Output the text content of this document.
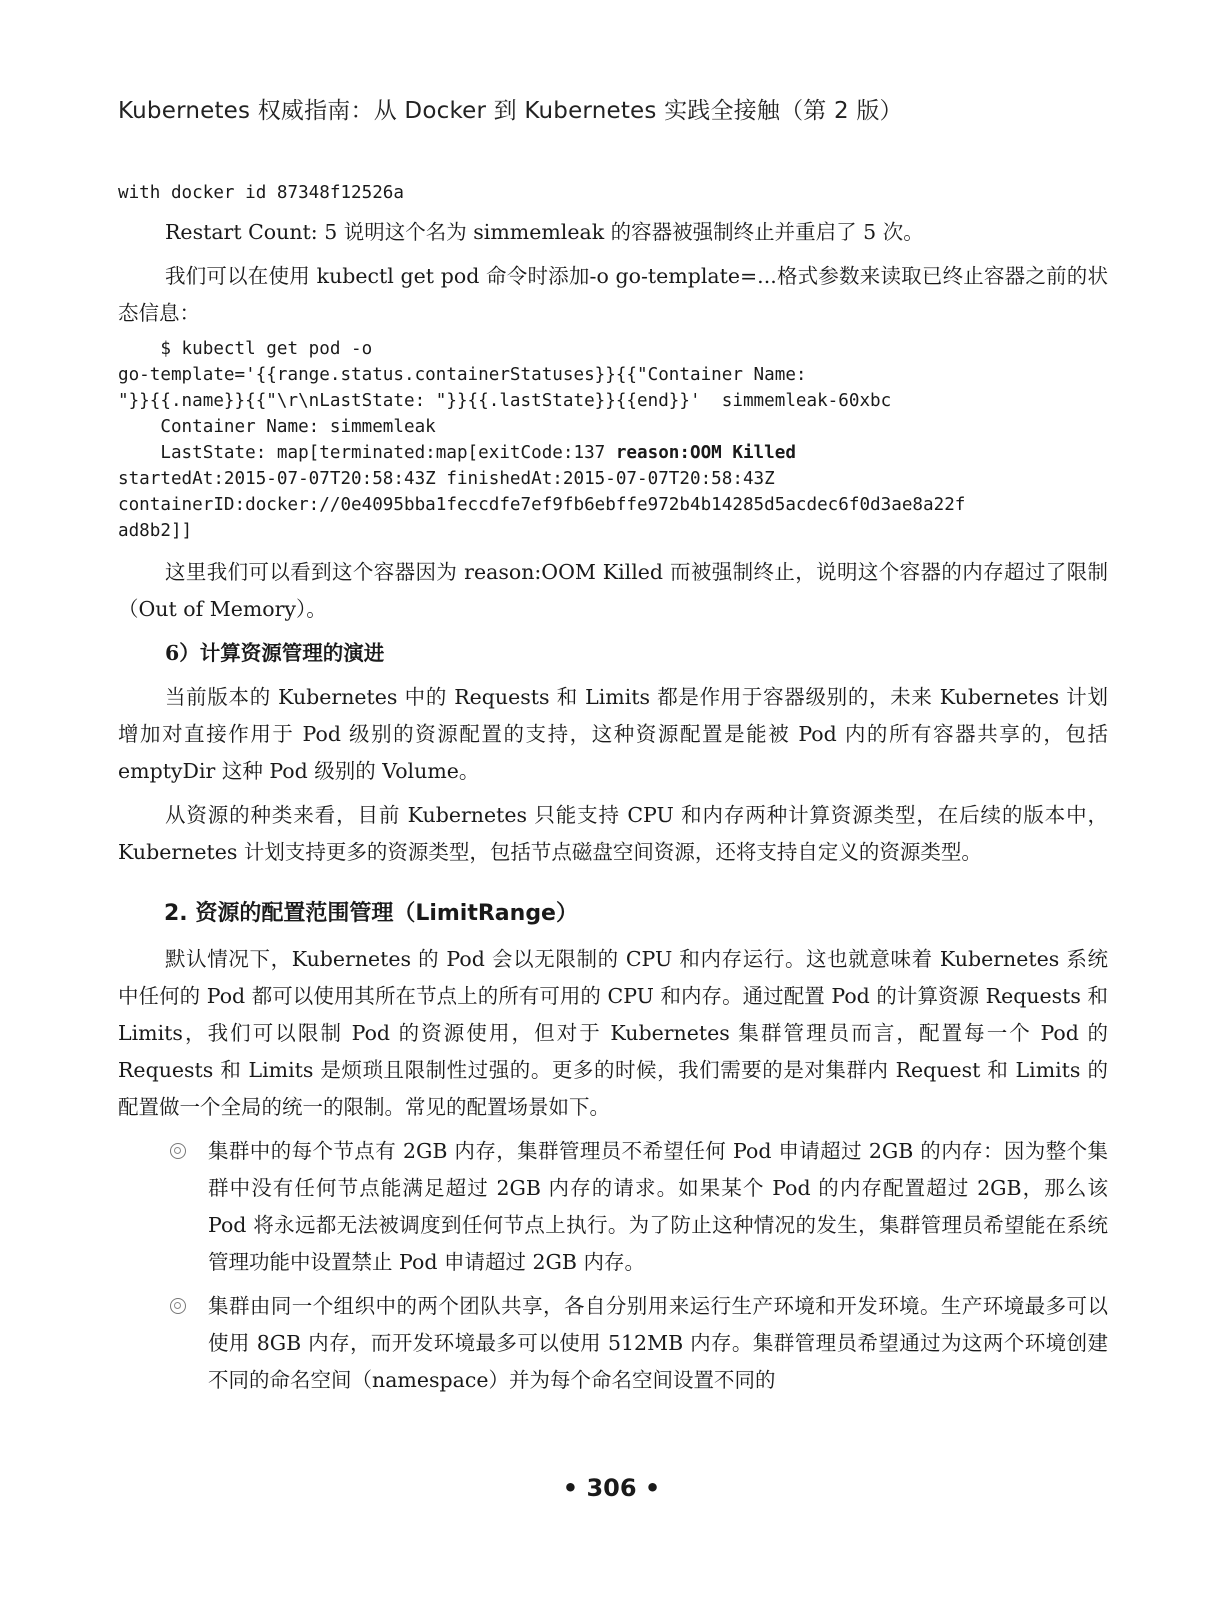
Kubernetes 权威指南：从 Docker 到 Kubernetes 实践全接触（第 2 版）
with docker id 87348f12526a

Restart Count: 5 说明这个名为 simmemleak 的容器被强制终止并重启了 5 次。

我们可以在使用 kubectl get pod 命令时添加-o go-template=...格式参数来读取已终止容器之前的状态信息：

$ kubectl get pod -o
go-template='{{range.status.containerStatuses}}{{"Container Name:
"}}{{.name}}{{"\r\nLastState: "}}{{.lastState}}{{end}}'  simmemleak-60xbc
Container Name: simmemleak
LastState: map[terminated:map[exitCode:137 reason:OOM Killed
startedAt:2015-07-07T20:58:43Z finishedAt:2015-07-07T20:58:43Z
containerID:docker://0e4095bba1feccdfe7ef9fb6ebffe972b4b14285d5acdec6f0d3ae8a22f
ad8b2]]

这里我们可以看到这个容器因为 reason:OOM Killed 而被强制终止，说明这个容器的内存超过了限制（Out of Memory）。

6）计算资源管理的演进

当前版本的 Kubernetes 中的 Requests 和 Limits 都是作用于容器级别的，未来 Kubernetes 计划增加对直接作用于 Pod 级别的资源配置的支持，这种资源配置是能被 Pod 内的所有容器共享的，包括 emptyDir 这种 Pod 级别的 Volume。

从资源的种类来看，目前 Kubernetes 只能支持 CPU 和内存两种计算资源类型，在后续的版本中，Kubernetes 计划支持更多的资源类型，包括节点磁盘空间资源，还将支持自定义的资源类型。

2. 资源的配置范围管理（LimitRange）

默认情况下，Kubernetes 的 Pod 会以无限制的 CPU 和内存运行。这也就意味着 Kubernetes 系统中任何的 Pod 都可以使用其所在节点上的所有可用的 CPU 和内存。通过配置 Pod 的计算资源 Requests 和 Limits，我们可以限制 Pod 的资源使用，但对于 Kubernetes 集群管理员而言，配置每一个 Pod 的 Requests 和 Limits 是烦琐且限制性过强的。更多的时候，我们需要的是对集群内 Request 和 Limits 的配置做一个全局的统一的限制。常见的配置场景如下。

集群中的每个节点有 2GB 内存，集群管理员不希望任何 Pod 申请超过 2GB 的内存：因为整个集群中没有任何节点能满足超过 2GB 内存的请求。如果某个 Pod 的内存配置超过 2GB，那么该 Pod 将永远都无法被调度到任何节点上执行。为了防止这种情况的发生，集群管理员希望能在系统管理功能中设置禁止 Pod 申请超过 2GB 内存。
集群由同一个组织中的两个团队共享，各自分别用来运行生产环境和开发环境。生产环境最多可以使用 8GB 内存，而开发环境最多可以使用 512MB 内存。集群管理员希望通过为这两个环境创建不同的命名空间（namespace）并为每个命名空间设置不同的
• 306 •
